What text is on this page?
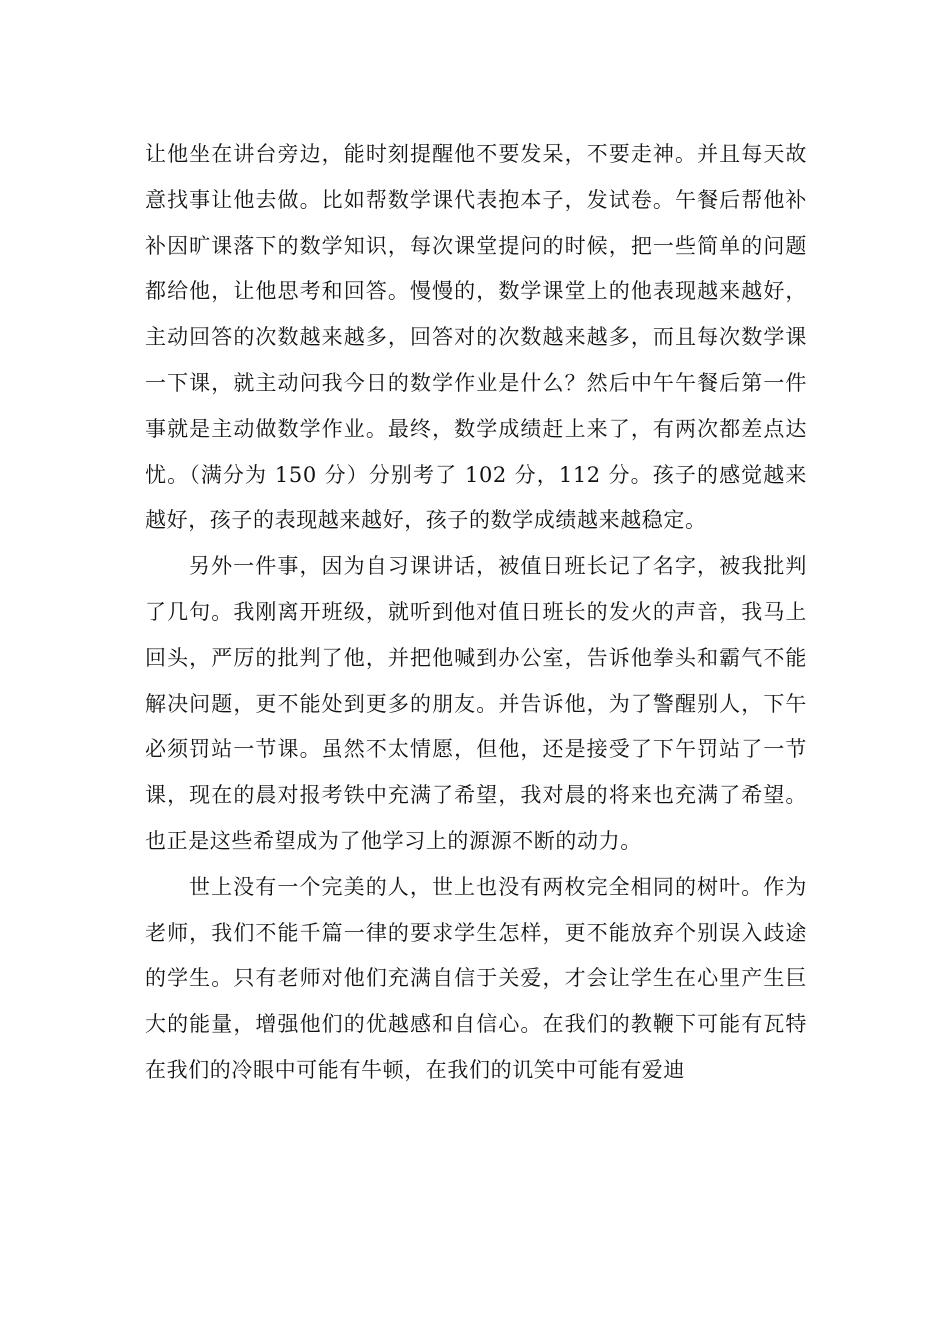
让他坐在讲台旁边，能时刻提醒他不要发呆，不要走神。并且每天故意找事让他去做。比如帮数学课代表抱本子，发试卷。午餐后帮他补补因旷课落下的数学知识，每次课堂提问的时候，把一些简单的问题都给他，让他思考和回答。慢慢的，数学课堂上的他表现越来越好，主动回答的次数越来越多，回答对的次数越来越多，而且每次数学课一下课，就主动问我今日的数学作业是什么？然后中午午餐后第一件事就是主动做数学作业。最终，数学成绩赶上来了，有两次都差点达忧。（满分为 150 分）分别考了 102 分，112 分。孩子的感觉越来越好，孩子的表现越来越好，孩子的数学成绩越来越稳定。

另外一件事，因为自习课讲话，被值日班长记了名字，被我批判了几句。我刚离开班级，就听到他对值日班长的发火的声音，我马上回头，严厉的批判了他，并把他喊到办公室，告诉他拳头和霸气不能解决问题，更不能处到更多的朋友。并告诉他，为了警醒别人，下午必须罚站一节课。虽然不太情愿，但他，还是接受了下午罚站了一节课，现在的晨对报考铁中充满了希望，我对晨的将来也充满了希望。也正是这些希望成为了他学习上的源源不断的动力。

世上没有一个完美的人，世上也没有两枚完全相同的树叶。作为老师，我们不能千篇一律的要求学生怎样，更不能放弃个别误入歧途的学生。只有老师对他们充满自信于关爱，才会让学生在心里产生巨大的能量，增强他们的优越感和自信心。在我们的教鞭下可能有瓦特在我们的冷眼中可能有牛顿，在我们的讥笑中可能有爱迪
